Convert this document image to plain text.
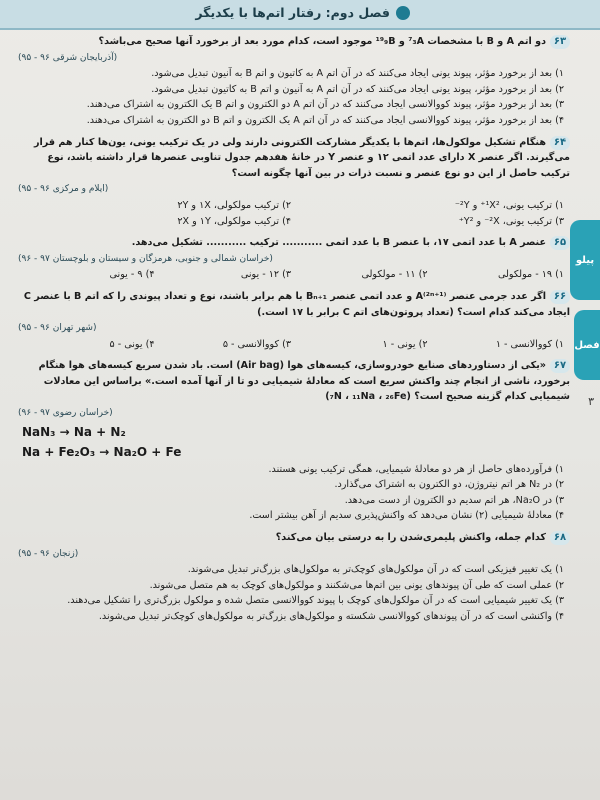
فصل دوم: رفتار اتم‌ها با یکدیگر
پیلو
فصل
۳
۶۳دو اتم A و B با مشخصات ⁷₃A و ¹⁹₉B موجود است، کدام مورد بعد از برخورد آنها صحیح می‌باشد؟
(آذربایجان شرقی ۹۶ - ۹۵)
۱) بعد از برخورد مؤثر، پیوند یونی ایجاد می‌کنند که در آن اتم A به کاتیون و اتم B به آنیون تبدیل می‌شود.
۲) بعد از برخورد مؤثر، پیوند یونی ایجاد می‌کنند که در آن اتم A به آنیون و اتم B به کاتیون تبدیل می‌شود.
۳) بعد از برخورد مؤثر، پیوند کووالانسی ایجاد می‌کنند که در آن اتم A دو الکترون و اتم B یک الکترون به اشتراک می‌دهند.
۴) بعد از برخورد مؤثر، پیوند کووالانسی ایجاد می‌کنند که در آن اتم A یک الکترون و اتم B دو الکترون به اشتراک می‌دهند.
۶۴هنگام تشکیل مولکول‌ها، اتم‌ها با یکدیگر مشارکت الکترونی دارند ولی در یک ترکیب یونی، یون‌ها کنار هم قرار می‌گیرند. اگر عنصر X دارای عدد اتمی ۱۲ و عنصر Y در خانهٔ هفدهم جدول تناوبی عنصرها قرار داشته باشد، نوع ترکیب حاصل از این دو نوع عنصر و نسبت ذرات در بین آنها چگونه است؟
(ایلام و مرکزی ۹۶ - ۹۵)
۱) ترکیب یونی، ¹X²⁺ و ²Y⁻
۲) ترکیب مولکولی، ۱X و ۲Y
۳) ترکیب یونی، ²X⁻ و Y²⁺
۴) ترکیب مولکولی، ۱Y و ۲X
۶۵عنصر A با عدد اتمی ۱۷، با عنصر B با عدد اتمی ........... ترکیب ........... تشکیل می‌دهد.
(خراسان شمالی و جنوبی، هرمزگان و سیستان و بلوچستان ۹۷ - ۹۶)
۱) ۱۹ - مولکولی
۲) ۱۱ - مولکولی
۳) ۱۲ - یونی
۴) ۹ - یونی
۶۶اگر عدد جرمی عنصر A⁽²ⁿ⁺¹⁾ و عدد اتمی عنصر Bₙ₊₁ با هم برابر باشند، نوع و تعداد پیوندی را که اتم B با عنصر C ایجاد می‌کند کدام است؟ (تعداد پروتون‌های اتم C برابر با ۱۷ است.)
(شهر تهران ۹۶ - ۹۵)
۱) کووالانسی - ۱
۲) یونی - ۱
۳) کووالانسی - ۵
۴) یونی - ۵
۶۷«یکی از دستاوردهای صنایع خودروسازی، کیسه‌های هوا (Air bag) است. باد شدن سریع کیسه‌های هوا هنگام برخورد، ناشی از انجام چند واکنش سریع است که معادلهٔ شیمیایی دو تا از آنها آمده است.» براساس این معادلات شیمیایی کدام گزینه صحیح است؟ (₇N ، ₁₁Na ، ₂₆Fe)
(خراسان رضوی ۹۷ - ۹۶)
NaN₃ → Na + N₂
Na + Fe₂O₃ → Na₂O + Fe
۱) فرآورده‌های حاصل از هر دو معادلهٔ شیمیایی، همگی ترکیب یونی هستند.
۲) در N₂ هر اتم نیتروژن، دو الکترون به اشتراک می‌گذارد.
۳) در Na₂O، هر اتم سدیم دو الکترون از دست می‌دهد.
۴) معادلهٔ شیمیایی (۲) نشان می‌دهد که واکنش‌پذیری سدیم از آهن بیشتر است.
۶۸کدام جمله، واکنش پلیمری‌شدن را به درستی بیان می‌کند؟
(زنجان ۹۶ - ۹۵)
۱) یک تغییر فیزیکی است که در آن مولکول‌های کوچک‌تر به مولکول‌های بزرگ‌تر تبدیل می‌شوند.
۲) عملی است که طی آن پیوندهای یونی بین اتم‌ها می‌شکنند و مولکول‌های کوچک به هم متصل می‌شوند.
۳) یک تغییر شیمیایی است که در آن مولکول‌های کوچک با پیوند کووالانسی متصل شده و مولکول بزرگ‌تری را تشکیل می‌دهند.
۴) واکنشی است که در آن پیوندهای کووالانسی شکسته و مولکول‌های بزرگ‌تر به مولکول‌های کوچک‌تر تبدیل می‌شوند.
